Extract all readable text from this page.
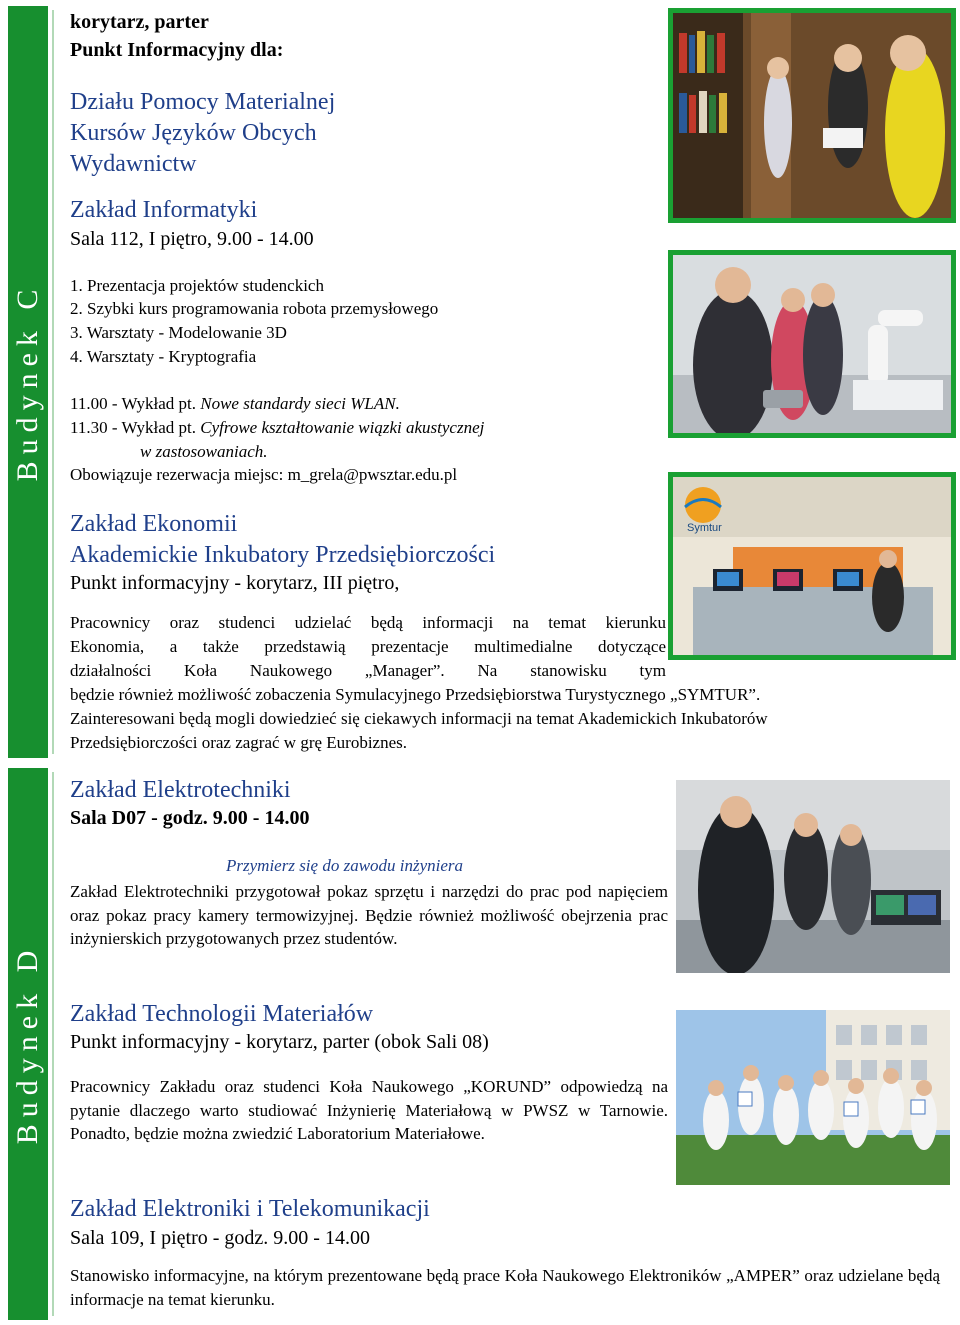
Budynek C
Budynek D
korytarz, parter
Punkt Informacyjny dla:
Działu Pomocy Materialnej
Kursów Języków Obcych
Wydawnictw
Zakład Informatyki
Sala 112, I piętro, 9.00 - 14.00
1. Prezentacja projektów studenckich
2. Szybki kurs programowania robota przemysłowego
3. Warsztaty - Modelowanie 3D
4. Warsztaty - Kryptografia
11.00 - Wykład pt. Nowe standardy sieci WLAN.
11.30 - Wykład pt. Cyfrowe kształtowanie wiązki akustycznej
w zastosowaniach.
Obowiązuje rezerwacja miejsc: m_grela@pwsztar.edu.pl
Zakład Ekonomii
Akademickie Inkubatory Przedsiębiorczości
Punkt informacyjny - korytarz, III piętro,
Pracownicy oraz studenci udzielać będą informacji na temat kierunku
Ekonomia, a także przedstawią prezentacje multimedialne dotyczące
działalności Koła Naukowego „Manager”. Na stanowisku tym
będzie również możliwość zobaczenia Symulacyjnego Przedsiębiorstwa Turystycznego „SYMTUR”.
Zainteresowani będą mogli dowiedzieć się ciekawych informacji na temat Akademickich Inkubatorów
Przedsiębiorczości oraz zagrać w grę Eurobiznes.
Zakład Elektrotechniki
Sala D07 - godz. 9.00 - 14.00
Przymierz się do zawodu inżyniera
Zakład Elektrotechniki przygotował pokaz sprzętu i narzędzi do prac pod napięciem oraz pokaz pracy kamery termowizyjnej. Będzie również możliwość obejrzenia prac inżynierskich przygotowanych przez studentów.
Zakład Technologii Materiałów
Punkt informacyjny - korytarz, parter (obok Sali 08)
Pracownicy Zakładu oraz studenci Koła Naukowego „KORUND” odpowiedzą na pytanie dlaczego warto studiować Inżynierię Materiałową w PWSZ w Tarnowie. Ponadto, będzie można zwiedzić Laboratorium Materiałowe.
Zakład Elektroniki i Telekomunikacji
Sala 109, I piętro - godz. 9.00 - 14.00
Stanowisko informacyjne, na którym prezentowane będą prace Koła Naukowego Elektroników „AMPER” oraz udzielane będą informacje na temat kierunku.
Symtur
